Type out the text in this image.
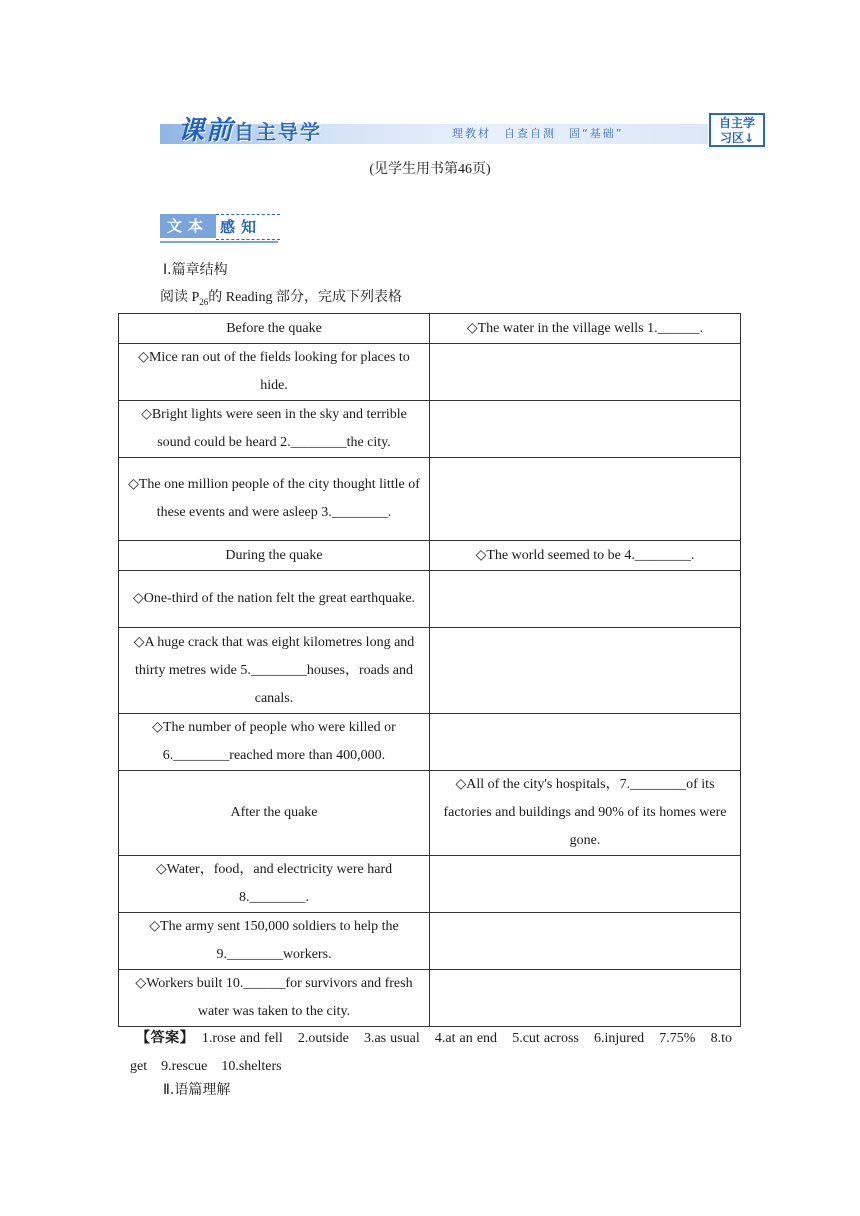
课前自主导学	理教材　自查自测　固“基础”
自主学
习区↓
(见学生用书第46页)
文本 感知
Ⅰ.篇章结构
阅读 $P_{26}$的 Reading 部分，完成下列表格
Before the quake	◇The water in the village wells 1.______.
◇Mice ran out of the fields looking for places to hide.	
◇Bright lights were seen in the sky and terrible sound could be heard 2.________the city.	
◇The one million people of the city thought little of these events and were asleep 3.________.	
During the quake	◇The world seemed to be 4.________.
◇One-third of the nation felt the great earthquake.	
◇A huge crack that was eight kilometres long and thirty metres wide 5.________houses，roads and canals.	
◇The number of people who were killed or 6.________reached more than 400,000.	
After the quake	◇All of the city's hospitals，7.________of its factories and buildings and 90% of its homes were gone.
◇Water，food，and electricity were hard 8.________.	
◇The army sent 150,000 soldiers to help the 9.________workers.	
◇Workers built 10.______for survivors and fresh water was taken to the city.	
【答案】　 1.rose and fell　2.outside　3.as usual　4.at an end　5.cut across　6.injured　7.75%　8.to get　9.rescue　10.shelters
Ⅱ.语篇理解
